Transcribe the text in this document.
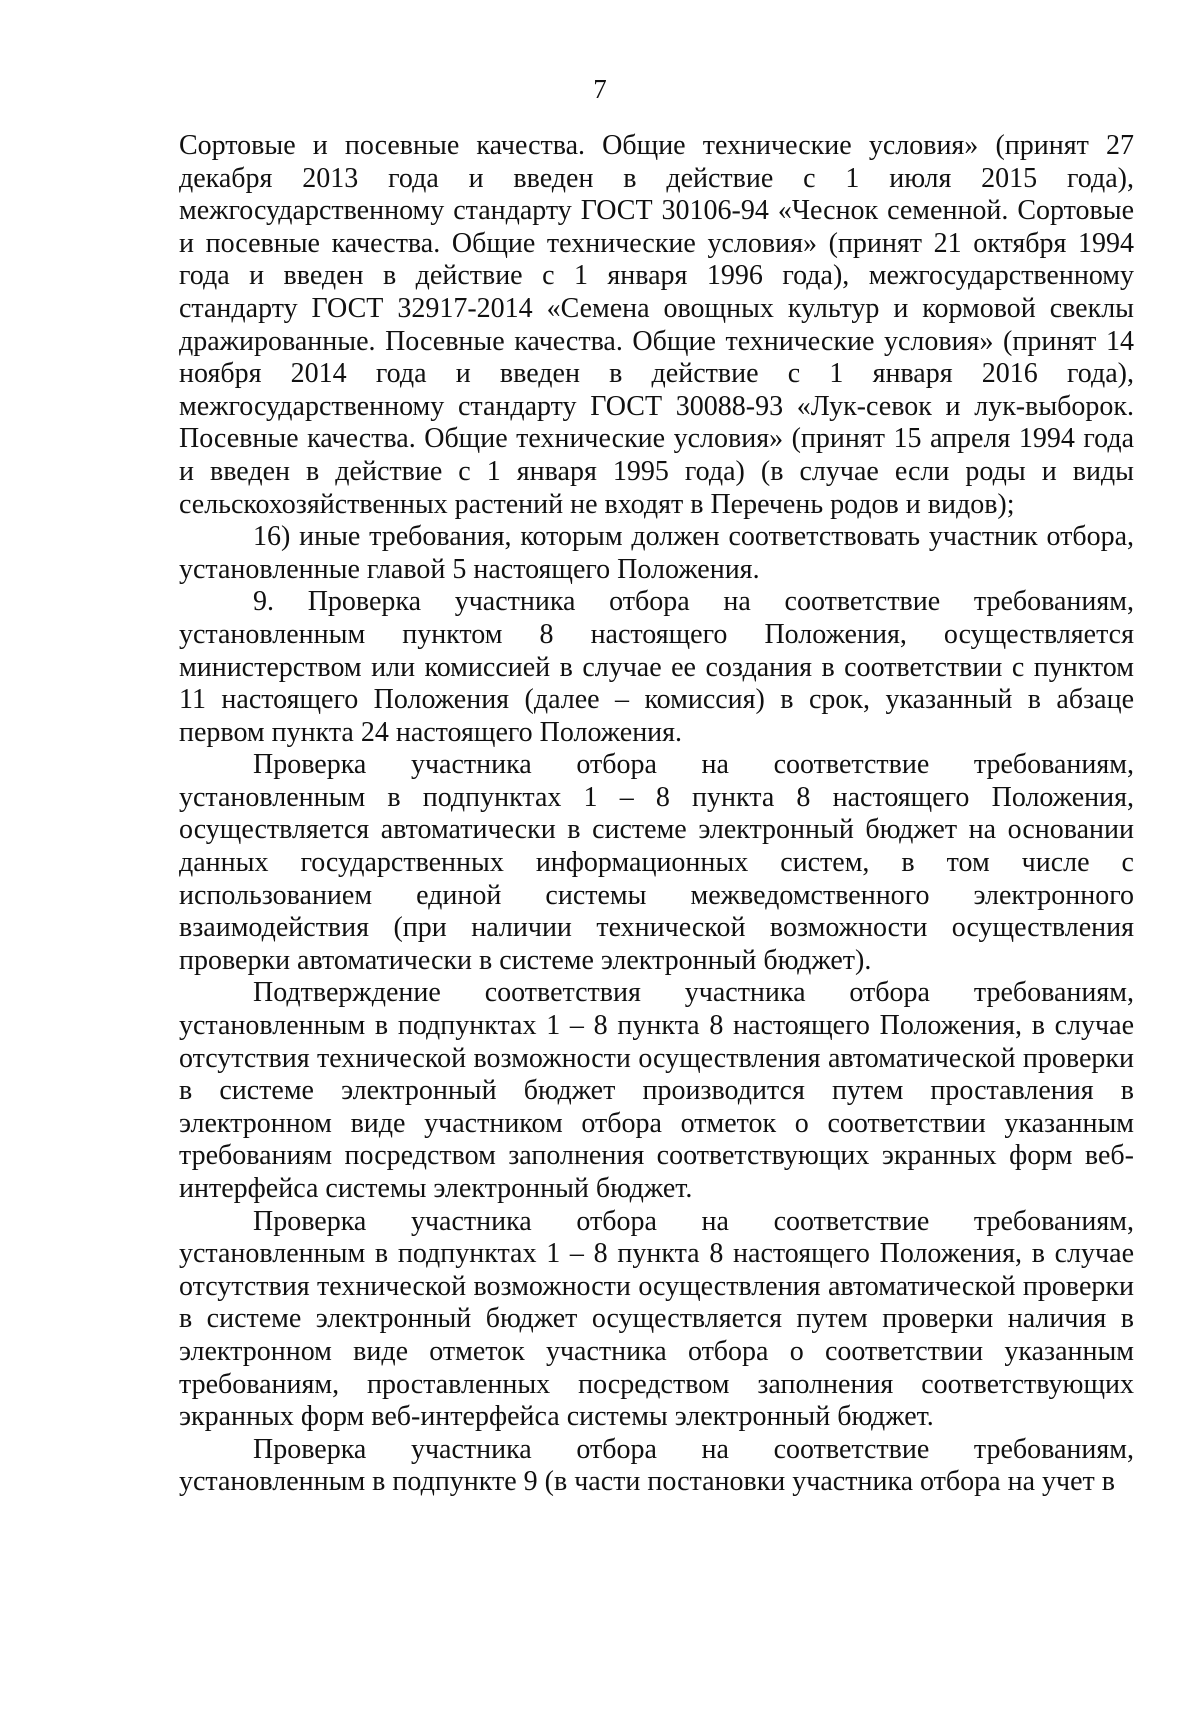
7

Сортовые и посевные качества. Общие технические условия» (принят 27 декабря 2013 года и введен в действие с 1 июля 2015 года), межгосударственному стандарту ГОСТ 30106-94 «Чеснок семенной. Сортовые и посевные качества. Общие технические условия» (принят 21 октября 1994 года и введен в действие с 1 января 1996 года), межгосударственному стандарту ГОСТ 32917-2014 «Семена овощных культур и кормовой свеклы дражированные. Посевные качества. Общие технические условия» (принят 14 ноября 2014 года и введен в действие с 1 января 2016 года), межгосударственному стандарту ГОСТ 30088-93 «Лук-севок и лук-выборок. Посевные качества. Общие технические условия» (принят 15 апреля 1994 года и введен в действие с 1 января 1995 года) (в случае если роды и виды сельскохозяйственных растений не входят в Перечень родов и видов);

16) иные требования, которым должен соответствовать участник отбора, установленные главой 5 настоящего Положения.

9. Проверка участника отбора на соответствие требованиям, установленным пунктом 8 настоящего Положения, осуществляется министерством или комиссией в случае ее создания в соответствии с пунктом 11 настоящего Положения (далее – комиссия) в срок, указанный в абзаце первом пункта 24 настоящего Положения.

Проверка участника отбора на соответствие требованиям, установленным в подпунктах 1 – 8 пункта 8 настоящего Положения, осуществляется автоматически в системе электронный бюджет на основании данных государственных информационных систем, в том числе с использованием единой системы межведомственного электронного взаимодействия (при наличии технической возможности осуществления проверки автоматически в системе электронный бюджет).

Подтверждение соответствия участника отбора требованиям, установленным в подпунктах 1 – 8 пункта 8 настоящего Положения, в случае отсутствия технической возможности осуществления автоматической проверки в системе электронный бюджет производится путем проставления в электронном виде участником отбора отметок о соответствии указанным требованиям посредством заполнения соответствующих экранных форм веб-интерфейса системы электронный бюджет.

Проверка участника отбора на соответствие требованиям, установленным в подпунктах 1 – 8 пункта 8 настоящего Положения, в случае отсутствия технической возможности осуществления автоматической проверки в системе электронный бюджет осуществляется путем проверки наличия в электронном виде отметок участника отбора о соответствии указанным требованиям, проставленных посредством заполнения соответствующих экранных форм веб-интерфейса системы электронный бюджет.

Проверка участника отбора на соответствие требованиям, установленным в подпункте 9 (в части постановки участника отбора на учет в
